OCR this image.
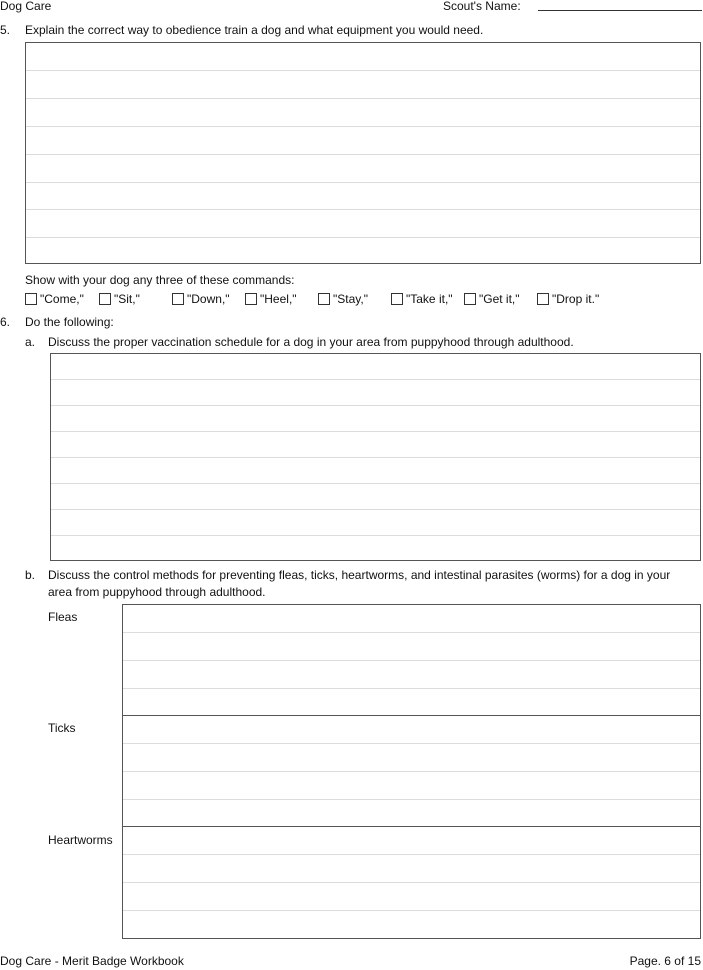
Dog Care	Scout's Name:
5. Explain the correct way to obedience train a dog and what equipment you would need.
Show with your dog any three of these commands:
"Come,"	"Sit,"	"Down,"	"Heel,"	"Stay,"	"Take it,"	"Get it,"	"Drop it."
6. Do the following:
a. Discuss the proper vaccination schedule for a dog in your area from puppyhood through adulthood.
b. Discuss the control methods for preventing fleas, ticks, heartworms, and intestinal parasites (worms) for a dog in your
area from puppyhood through adulthood.
Fleas
Ticks
Heartworms
Dog Care - Merit Badge Workbook	Page. 6 of 15
